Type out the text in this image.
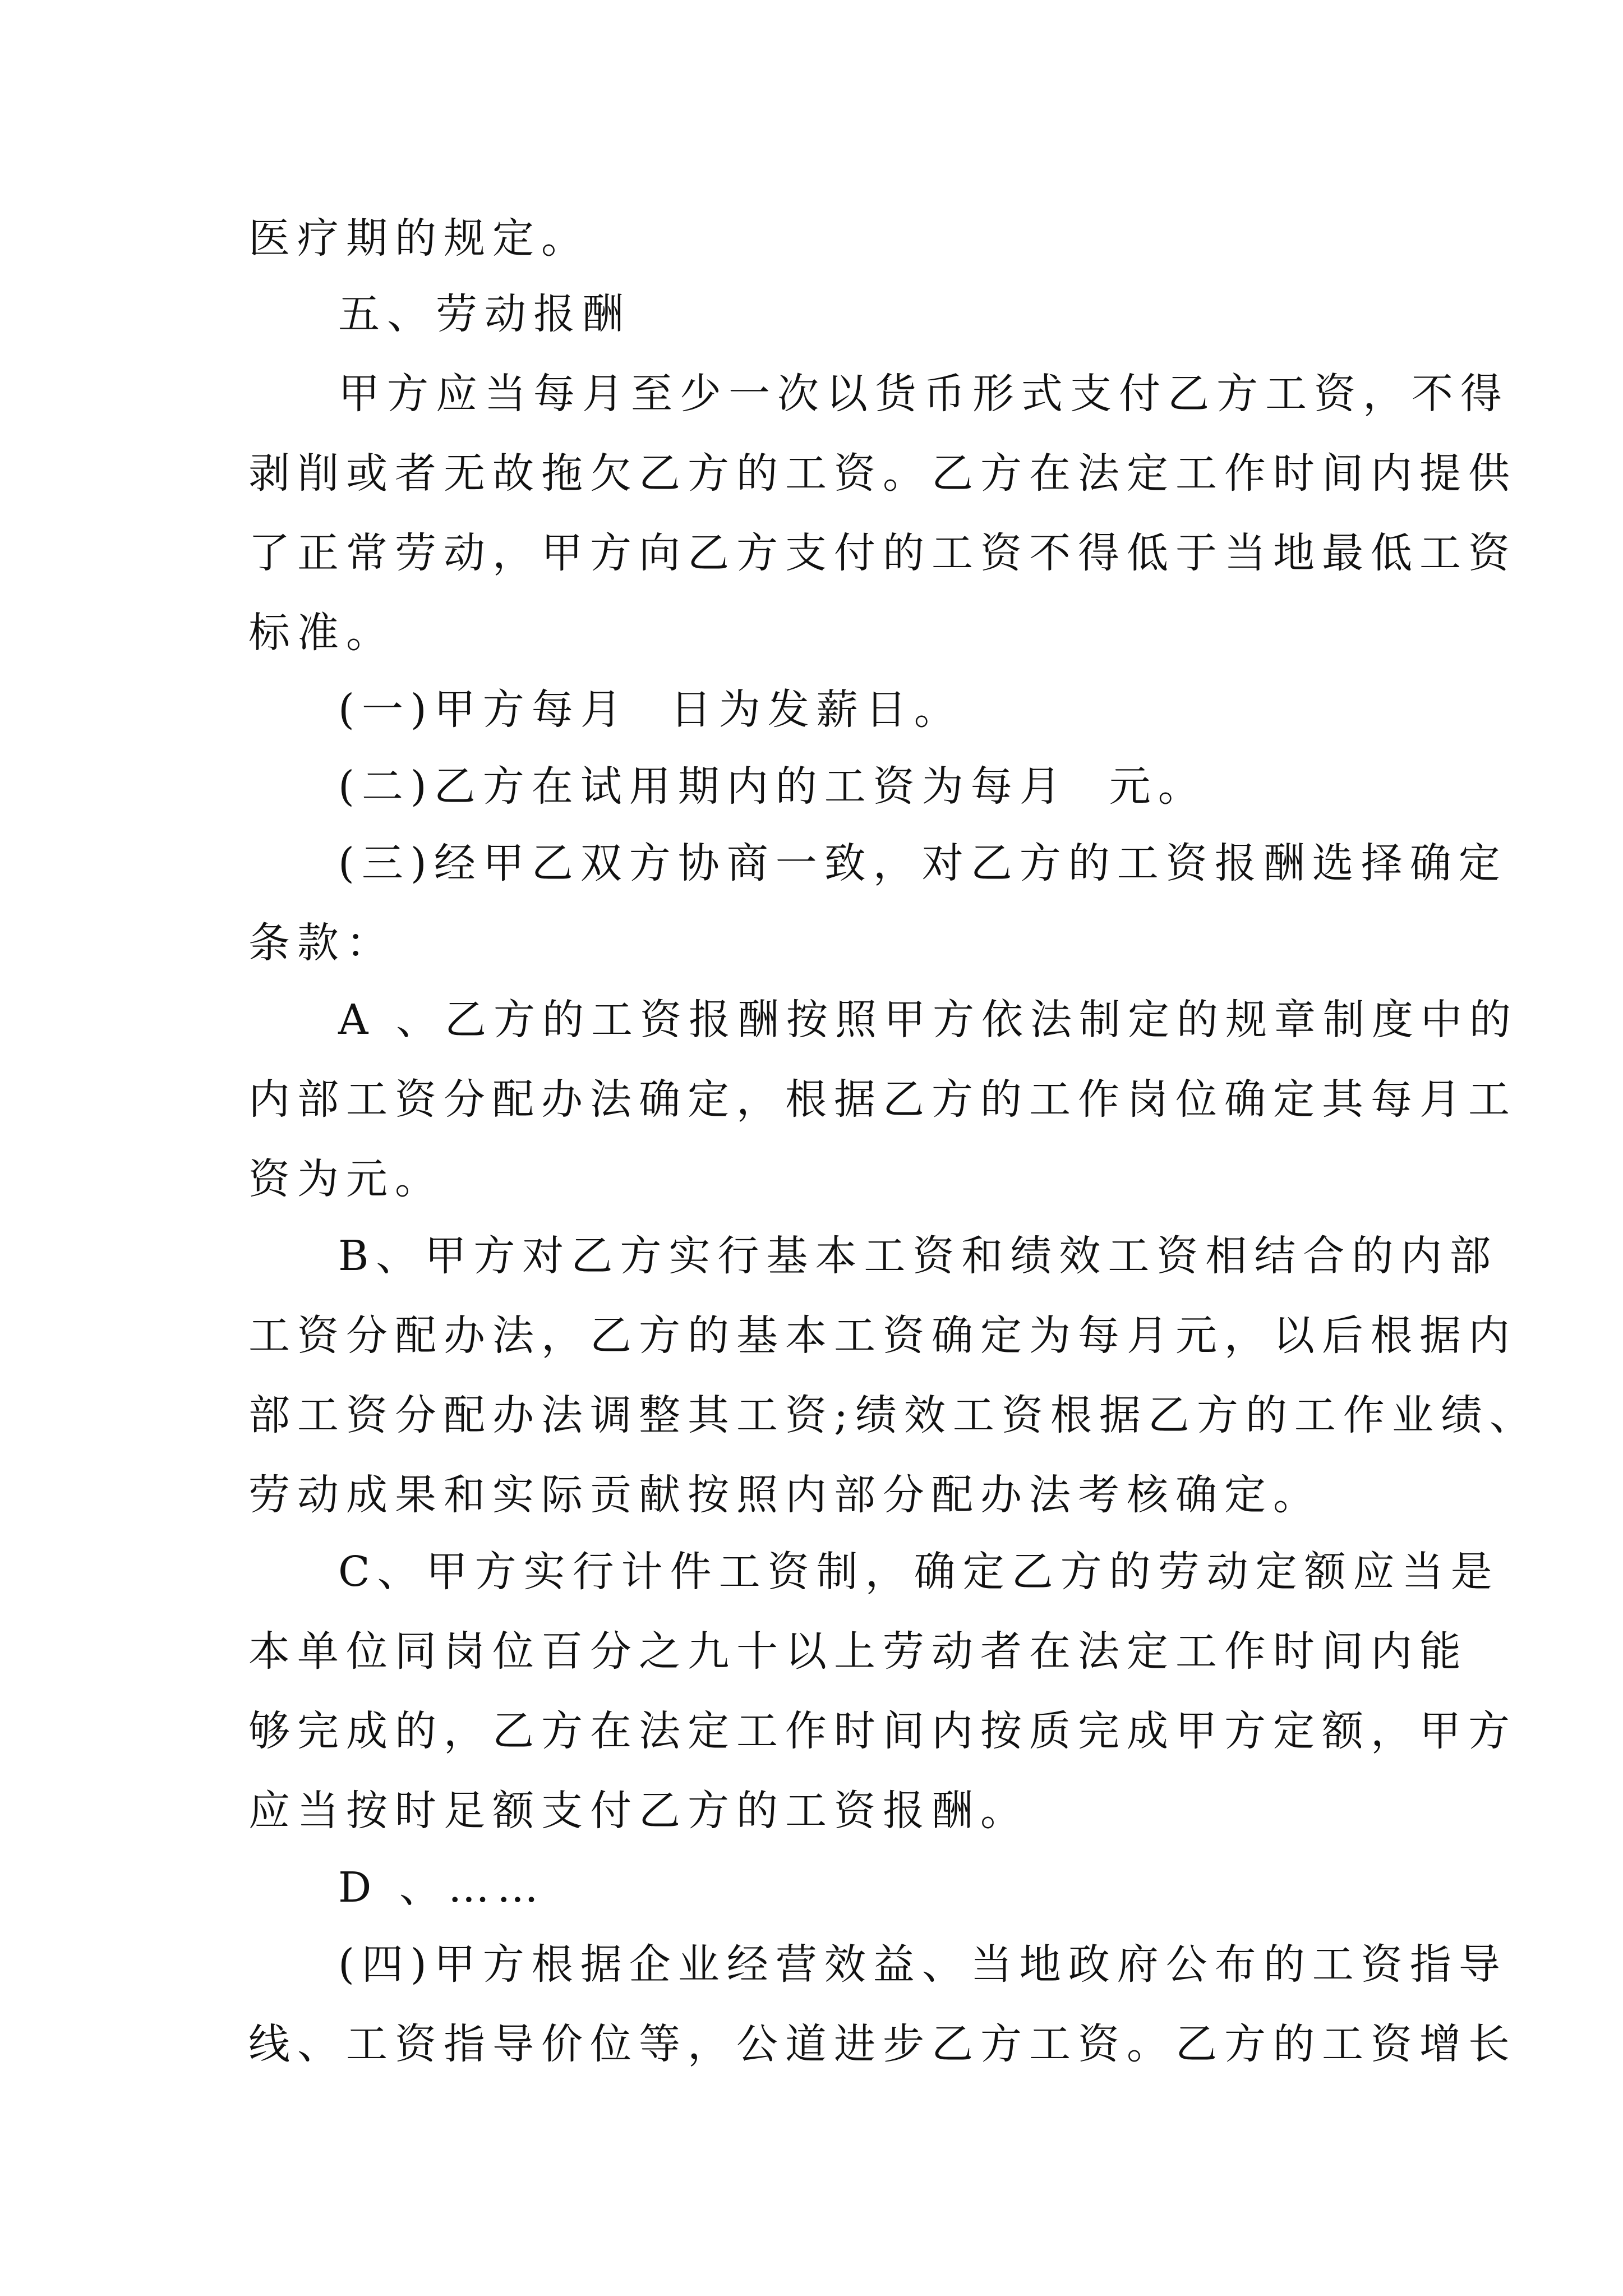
医疗期的规定。
五、劳动报酬
甲方应当每月至少一次以货币形式支付乙方工资，不得
剥削或者无故拖欠乙方的工资。乙方在法定工作时间内提供
了正常劳动，甲方向乙方支付的工资不得低于当地最低工资
标准。
(一)甲方每月  日为发薪日。
(二)乙方在试用期内的工资为每月  元。
(三)经甲乙双方协商一致，对乙方的工资报酬选择确定
条款：
A 、乙方的工资报酬按照甲方依法制定的规章制度中的
内部工资分配办法确定，根据乙方的工作岗位确定其每月工
资为元。
B、甲方对乙方实行基本工资和绩效工资相结合的内部
工资分配办法，乙方的基本工资确定为每月元，以后根据内
部工资分配办法调整其工资;绩效工资根据乙方的工作业绩、
劳动成果和实际贡献按照内部分配办法考核确定。
C、甲方实行计件工资制，确定乙方的劳动定额应当是
本单位同岗位百分之九十以上劳动者在法定工作时间内能
够完成的，乙方在法定工作时间内按质完成甲方定额，甲方
应当按时足额支付乙方的工资报酬。
D 、……
(四)甲方根据企业经营效益、当地政府公布的工资指导
线、工资指导价位等，公道进步乙方工资。乙方的工资增长
